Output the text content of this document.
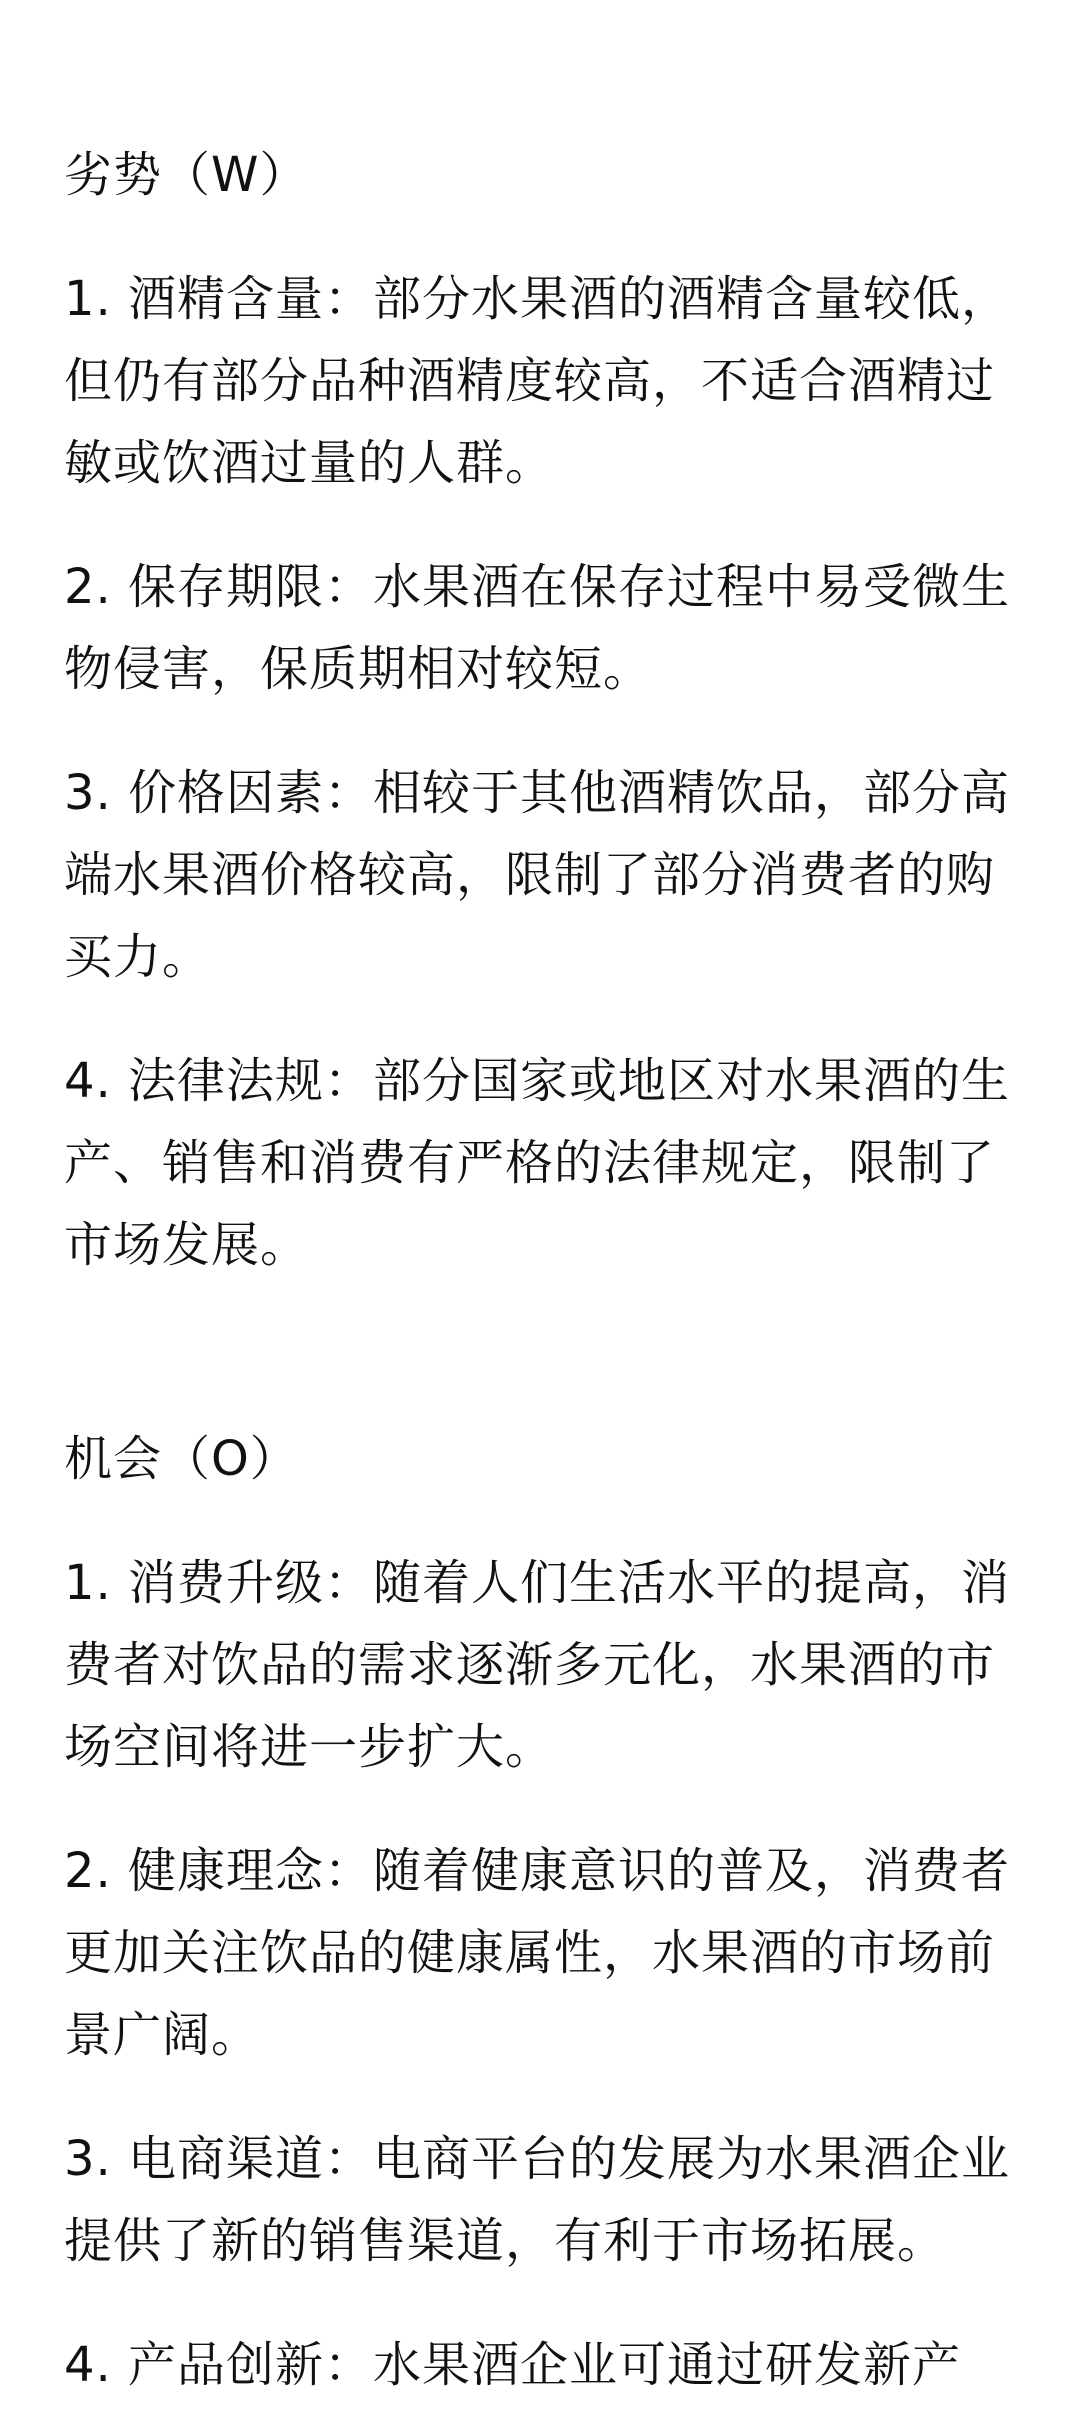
劣势（W）

1. 酒精含量：部分水果酒的酒精含量较低，但仍有部分品种酒精度较高，不适合酒精过敏或饮酒过量的人群。

2. 保存期限：水果酒在保存过程中易受微生物侵害，保质期相对较短。

3. 价格因素：相较于其他酒精饮品，部分高端水果酒价格较高，限制了部分消费者的购买力。

4. 法律法规：部分国家或地区对水果酒的生产、销售和消费有严格的法律规定，限制了市场发展。

机会（O）

1. 消费升级：随着人们生活水平的提高，消费者对饮品的需求逐渐多元化，水果酒的市场空间将进一步扩大。

2. 健康理念：随着健康意识的普及，消费者更加关注饮品的健康属性，水果酒的市场前景广阔。

3. 电商渠道：电商平台的发展为水果酒企业提供了新的销售渠道，有利于市场拓展。

4. 产品创新：水果酒企业可通过研发新产
